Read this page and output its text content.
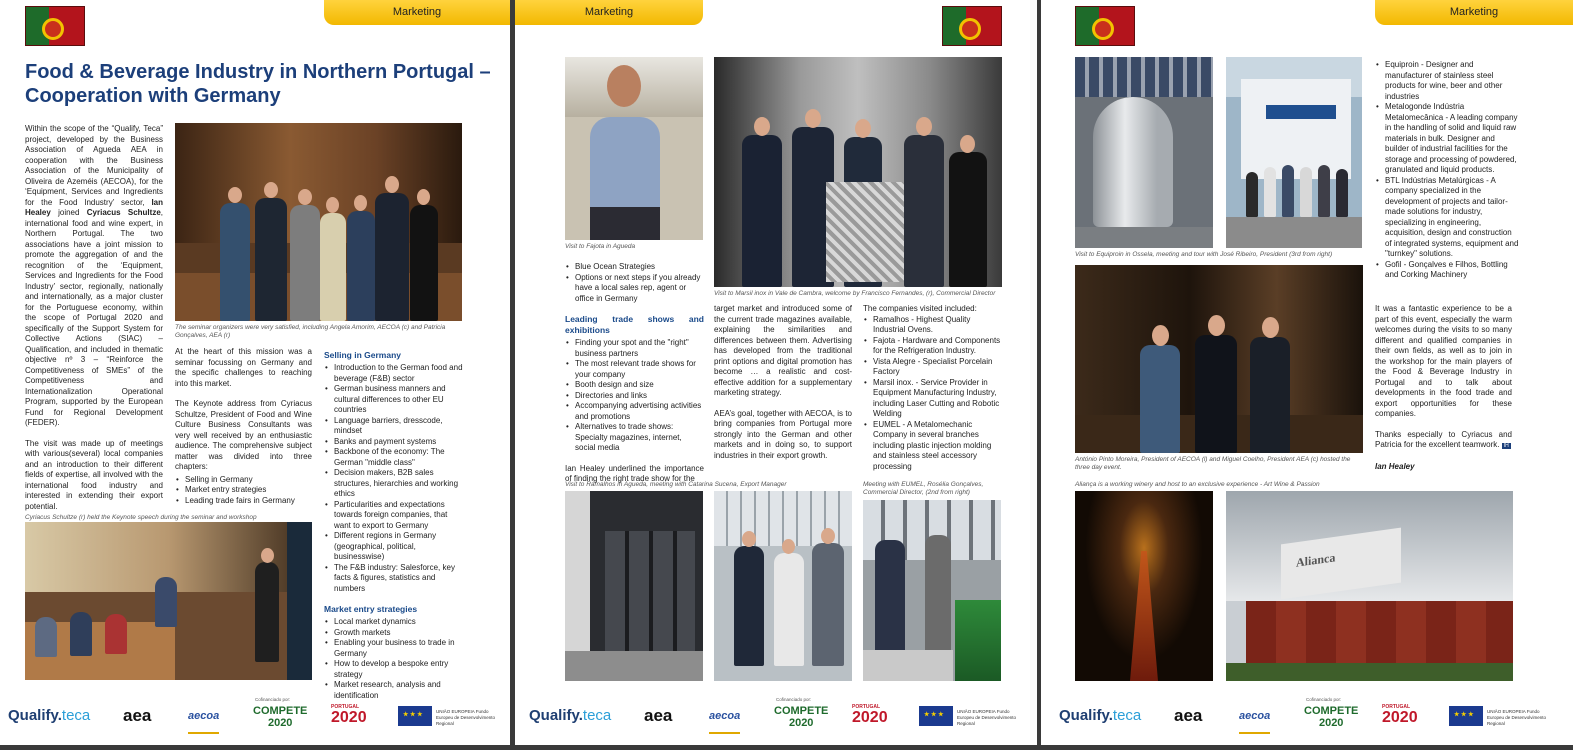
Marketing
Food & Beverage Industry in Northern Portugal – Cooperation with Germany

Within the scope of the “Qualify, Teca” project, developed by the Business Association of Agueda AEA in cooperation with the Business Association of the Municipality of Oliveira de Azeméis (AECOA), for the ‘Equipment, Services and Ingredients for the Food Industry’ sector, Ian Healey joined Cyriacus Schultze, international food and wine expert, in Northern Portugal. The two associations have a joint mission to promote the aggregation of and the recognition of the ‘Equipment, Services and Ingredients for the Food Industry’ sector, regionally, nationally and internationally, as a major cluster for the Portuguese economy, within the scope of Portugal 2020 and specifically of the Support System for Collective Actions (SIAC) – Qualification, and included in thematic objective nº 3 – “Reinforce the Competitiveness of SMEs” of the Competitiveness and Internationalization Operational Program, supported by the European Fund for Regional Development (FEDER).

The visit was made up of meetings with various(several) local companies and an introduction to their different fields of expertise, all involved with the international food industry and interested in extending their export potential.

The seminar organizers were very satisfied, including Angela Amorim, AECOA (c) and Patricia Gonçalves, AEA (r)

At the heart of this mission was a seminar focussing on Germany and the specific challenges to reaching into this market.

The Keynote address from Cyriacus Schultze, President of Food and Wine Culture Business Consultants was very well received by an enthusiastic audience. The comprehensive subject matter was divided into three chapters:

• Selling in Germany
• Market entry strategies
• Leading trade fairs in Germany
Selling in Germany
• Introduction to the German food and beverage (F&B) sector
• German business manners and cultural differences to other EU countries
• Language barriers, dresscode, mindset
• Banks and payment systems
• Backbone of the economy: The German "middle class"
• Decision makers, B2B sales structures, hierarchies and working ethics
• Particularities and expectations towards foreign companies, that want to export to Germany
• Different regions in Germany (geographical, political, businesswise)
• The F&B industry: Salesforce, key facts & figures, statistics and numbers
Market entry strategies
• Local market dynamics
• Growth markets
• Enabling your business to trade in Germany
• How to develop a bespoke entry strategy
• Market research, analysis and identification
Cyriacus Schultze (r) held the Keynote speech during the seminar and workshop
Qualify.teca aea	aecoa
Cofinanciado por:
COMPETE
2020
PORTUGAL
2020 ★ ★ ★	UNIÃO EUROPEIA Fundo Europeu de Desenvolvimento Regional
Marketing
Visit to Fajota in Agueda
Visit to Marsil inox in Vale de Cambra, welcome by Francisco Fernandes, (r), Commercial Director
• Blue Ocean Strategies
• Options or next steps if you already have a local sales rep, agent or office in Germany
Leading trade shows and exhibitions
• Finding your spot and the "right" business partners
• The most relevant trade shows for your company
• Booth design and size
• Directories and links
• Accompanying advertising activities and promotions
• Alternatives to trade shows: Specialty magazines, internet, social media

Ian Healey underlined the importance of finding the right trade show for the

target market and introduced some of the current trade magazines available, explaining the similarities and differences between them. Advertising has developed from the traditional print options and digital promotion has become … a realistic and cost-effective addition for a supplementary marketing strategy.

AEA’s goal, together with AECOA, is to bring companies from Portugal more strongly into the German and other markets and in doing so, to support industries in their export growth.

The companies visited included:

• Ramalhos - Highest Quality Industrial Ovens.
• Fajota - Hardware and Components for the Refrigeration Industry.
• Vista Alegre - Specialist Porcelain Factory
• Marsil inox. - Service Provider in Equipment Manufacturing Industry, including Laser Cutting and Robotic Welding
• EUMEL - A Metalomechanic Company in several branches including plastic injection molding and stainless steel accessory processing
Visit to Ramalhos in Agueda, meeting with Catarina Sucena, Export Manager	Meeting with EUMEL, Rosélia Gonçalves, Commercial Director, (2nd from right)
Qualify.teca aea	aecoa
Cofinanciado por:
COMPETE
2020
PORTUGAL
2020 ★ ★ ★	UNIÃO EUROPEIA Fundo Europeu de Desenvolvimento Regional
Marketing
Visit to Equiproin in Ossela, meeting and tour with José Ribeiro, President (3rd from right)
António Pinto Moreira, President of AECOA (l) and Miguel Coelho, President AEA (c) hosted the three day event.
Aliança is a working winery and host to an exclusive experience - Art Wine & Passion
Alianca
• Equiproin - Designer and manufacturer of stainless steel products for wine, beer and other industries
• Metalogonde Indústria Metalomecânica - A leading company in the handling of solid and liquid raw materials in bulk. Designer and builder of industrial facilities for the storage and processing of powdered, granulated and liquid products.
• BTL Indústrias Metalúrgicas - A company specialized in the development of projects and tailor-made solutions for industry, specializing in engineering, acquisition, design and construction of integrated systems, equipment and "turnkey" solutions.
• Gofil - Gonçalves e Filhos, Bottling and Corking Machinery

It was a fantastic experience to be a part of this event, especially the warm welcomes during the visits to so many different and qualified companies in their own fields, as well as to join in the workshop for the main players of the Food & Beverage Industry in Portugal and to talk about developments in the food trade and export opportunities for these companies.

Thanks especially to Cyriacus and Patricia for the excellent teamwork. IH

Ian Healey

Qualify.teca aea	aecoa
Cofinanciado por:
COMPETE
2020
PORTUGAL
2020 ★ ★ ★	UNIÃO EUROPEIA Fundo Europeu de Desenvolvimento Regional
